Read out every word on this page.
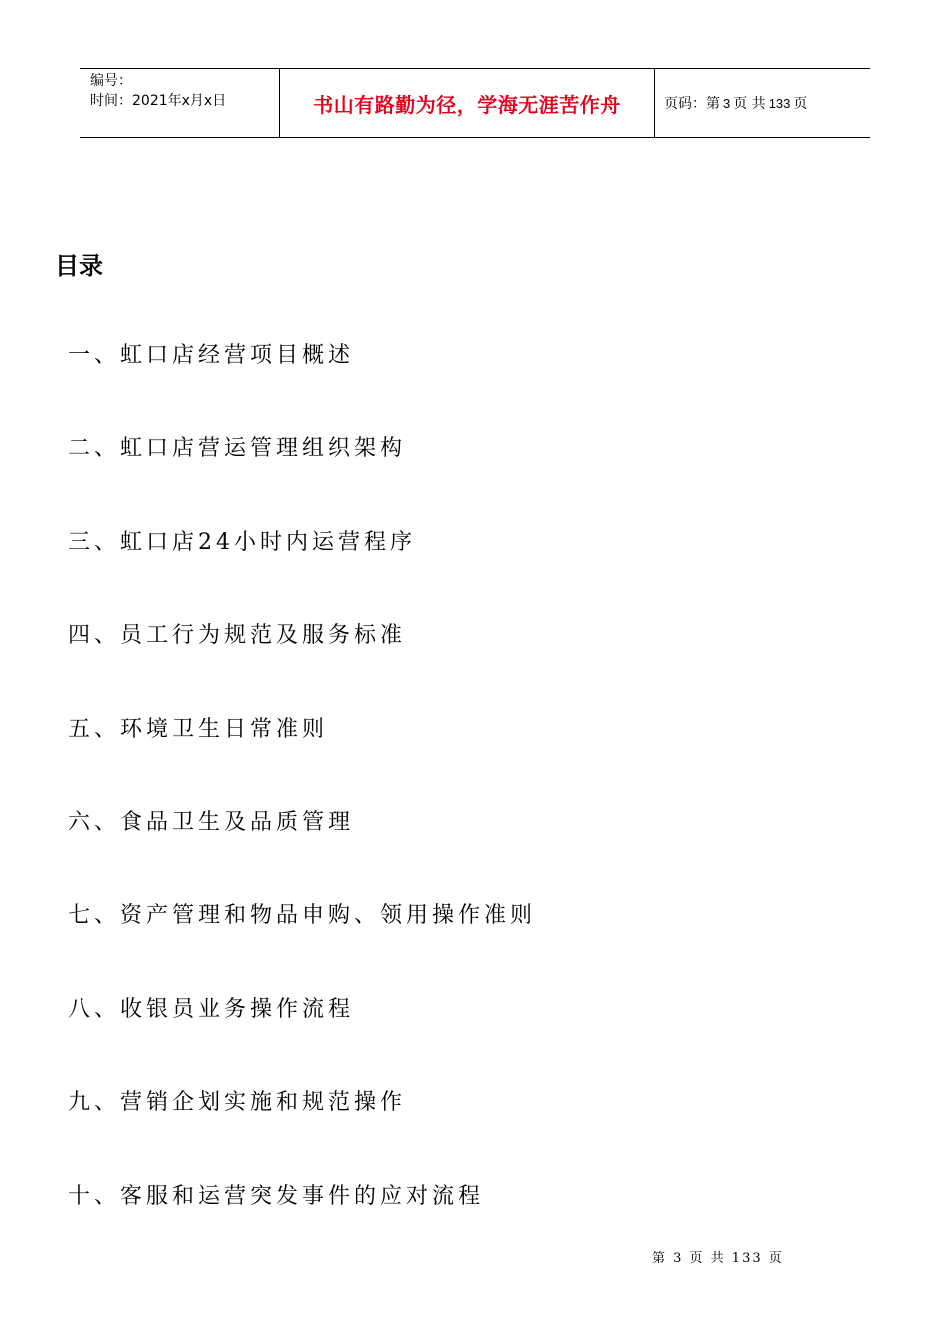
编号：
时间：2021年x月x日	书山有路勤为径，学海无涯苦作舟	页码：第 3 页 共 133 页
目录
一、虹口店经营项目概述
二、虹口店营运管理组织架构
三、虹口店24小时内运营程序
四、员工行为规范及服务标准
五、环境卫生日常准则
六、食品卫生及品质管理
七、资产管理和物品申购、领用操作准则
八、收银员业务操作流程
九、营销企划实施和规范操作
十、客服和运营突发事件的应对流程
第 3 页 共 133 页
